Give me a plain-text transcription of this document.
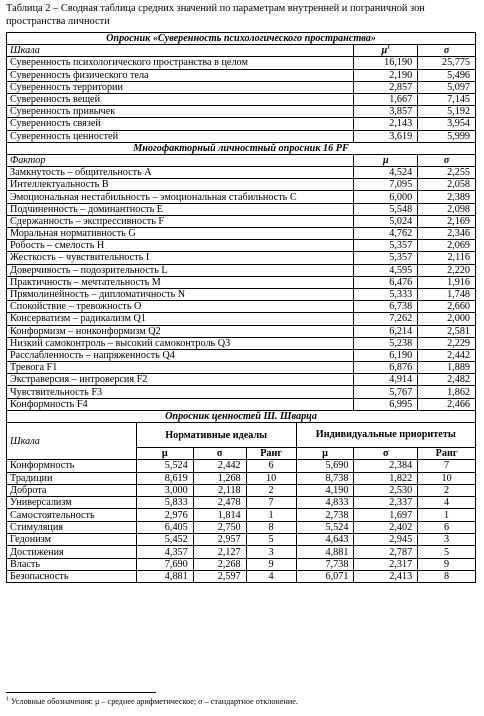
Таблица 2 – Сводная таблица средних значений по параметрам внутренней и пограничной зон пространства личности
Опросник «Суверенность психологического пространства»						
Шкала					$\mu^1$	σ
Суверенность психологического пространства в целом					16,190	25,775
Суверенность физического тела					2,190	5,496
Суверенность территории					2,857	5,097
Суверенность вещей					1,667	7,145
Суверенность привычек					3,857	5,192
Суверенность связей					2,143	3,954
Суверенность ценностей					3,619	5,999
Многофакторный личностный опросник 16 PF						
Фактор					μ	σ
Замкнутость – общительность А					4,524	2,255
Интеллектуальность В					7,095	2,058
Эмоциональная нестабильность – эмоциональная стабильность С					6,000	2,389
Подчиненность – доминантность Е					5,548	2,098
Сдержанность – экспрессивность F					5,024	2,169
Моральная нормативность G					4,762	2,346
Робость – смелость H					5,357	2,069
Жесткость – чувствительность I					5,357	2,116
Доверчивость – подозрительность L					4,595	2,220
Практичность – мечтательность M					6,476	1,916
Прямолинейность – дипломатичность N					5,333	1,748
Спокойствие – тревожность О					6,738	2,660
Консерватизм – радикализм Q1					7,262	2,000
Конформизм – нонконформизм Q2					6,214	2,581
Низкий самоконтроль – высокий самоконтроль Q3					5,238	2,229
Расслабленность – напряженность Q4					6,190	2,442
Тревога F1					6,876	1,889
Экстраверсия – интроверсия F2					4,914	2,482
Чувствительность F3					5,767	1,862
Конформность F4					6,995	2,466
Опросник ценностей Ш. Шварца						
Шкала	Нормативные идеалы			Индивидуальные приоритеты		
	μ	σ	Ранг	μ	σ	Ранг
Конформность	5,524	2,442	6	5,690	2,384	7
Традиции	8,619	1,268	10	8,738	1,822	10
Доброта	3,000	2,118	2	4,190	2,530	2
Универсализм	5,833	2,478	7	4,833	2,337	4
Самостоятельность	2,976	1,814	1	2,738	1,697	1
Стимуляция	6,405	2,750	8	5,524	2,402	6
Гедонизм	5,452	2,957	5	4,643	2,945	3
Достижения	4,357	2,127	3	4,881	2,787	5
Власть	7,690	2,268	9	7,738	2,317	9
Безопасность	4,881	2,597	4	6,071	2,413	8
$^1$ Условные обозначения: μ – среднее арифметическое; σ – стандартное отклонение.
